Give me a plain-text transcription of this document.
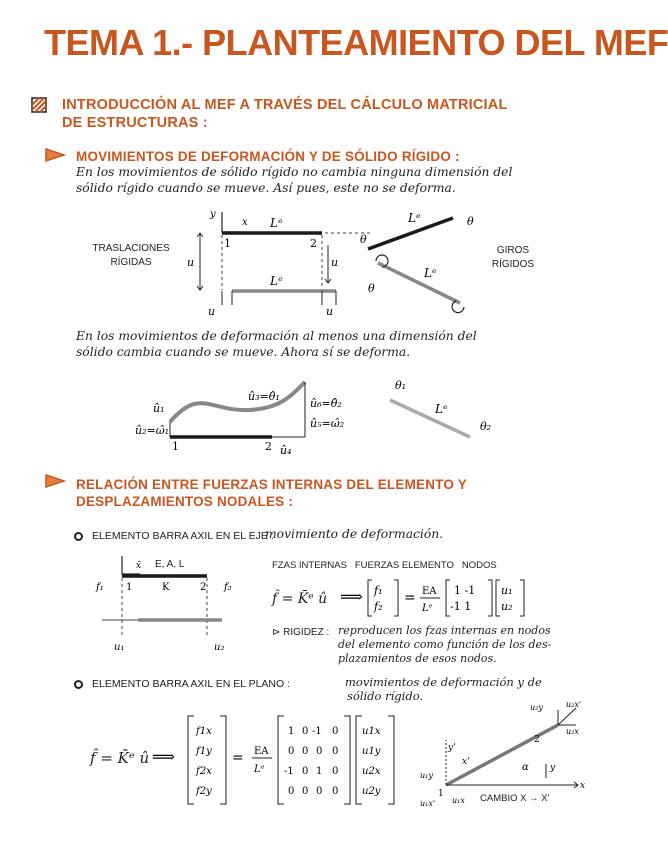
TEMA 1.- PLANTEAMIENTO DEL MEF
INTRODUCCIÓN AL MEF A TRAVÉS DEL CÁLCULO MATRICIAL
DE ESTRUCTURAS :
MOVIMIENTOS DE DEFORMACIÓN Y DE SÓLIDO RÍGIDO :
En los movimientos de sólido rígido no cambia ninguna dimensión del
sólido rígido cuando se mueve. Así pues, este no se deforma.
TRASLACIONES
RÍGIDAS
GIROS
RÍGIDOS
y
x
1	2
Lᵉ
u	u
Lᵉ
u	u
Lᵉ	θ
θ
Lᵉ
θ
En los movimientos de deformación al menos una dimensión del
sólido cambia cuando se mueve. Ahora sí se deforma.
û₂=ω̂₁
û₁
û₃=θ̂₁
û₆=θ̂₂
û₅=ω̂₂
1	2 û₄
θ₁
Lᵉ
θ₂
RELACIÓN ENTRE FUERZAS INTERNAS DEL ELEMENTO Y
DESPLAZAMIENTOS NODALES :
ELEMENTO BARRA AXIL EN EL EJE :
movimiento de deformación.
x̄
f₁ 1	K	2 f₂
u₁	u₂
E, A, L	FZAS INTERNAS   FUERZAS ELEMENTO   NODOS
f̂ = K̄ᵉ û ⟹ f₁
f₂
= EA
Lᵉ
1 -1
-1 1
u₁
u₂
⊳ RIGIDEZ : reproducen los fzas internas en nodos
del elemento como función de los des-
plazamientos de esos nodos.
ELEMENTO BARRA AXIL EN EL PLANO :	movimientos de deformación y de
sólido rígido.
f̂ = K̄ᵉ û ⟹
f1x
f1y
f2x
f2y
= EA
Lᵉ
1 0 -1 0
0 0 0 0
-1 0 1 0
0 0 0 0
u1x
u1y
u2x
u2y	x
y'
x'
1
2
α y
u₂y	u₂x'
u₂x
u₁y
u₁x' u₁x CAMBIO X → X'
